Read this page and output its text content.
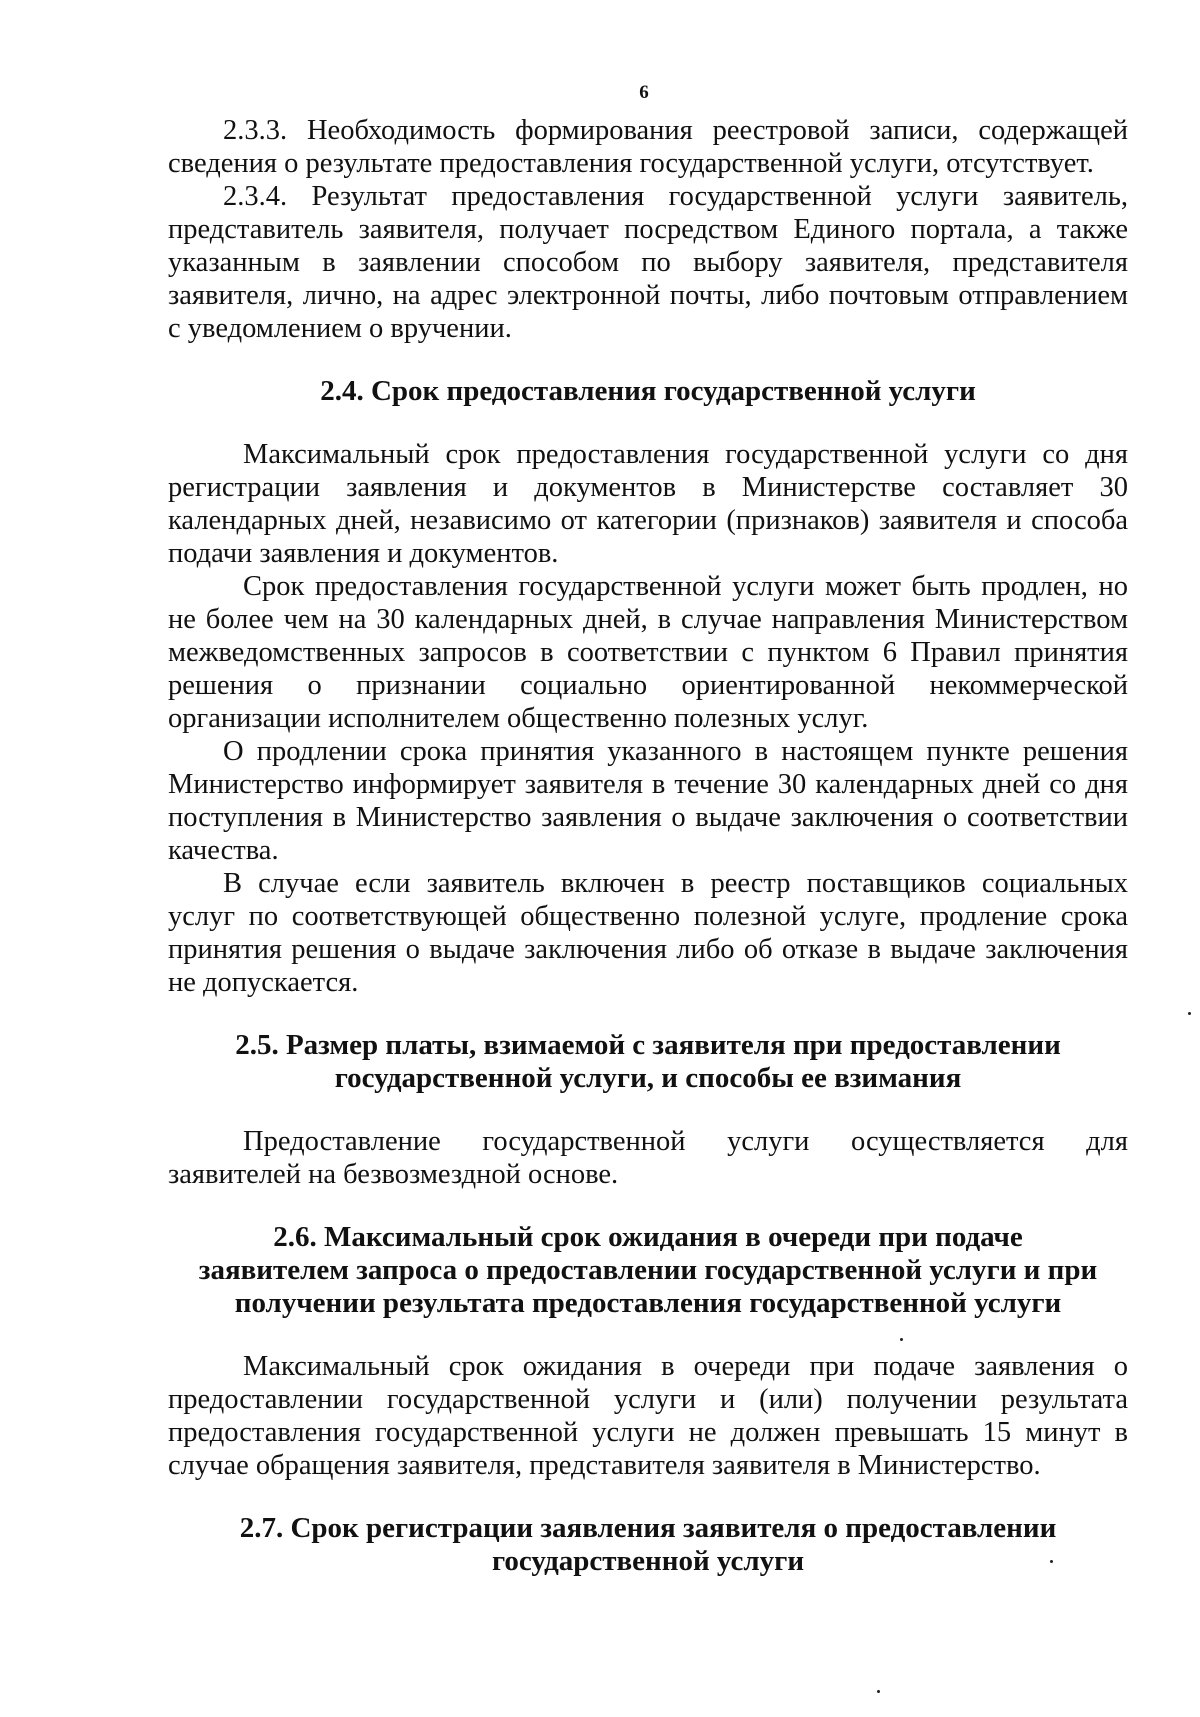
6

2.3.3. Необходимость формирования реестровой записи, содержащей сведения о результате предоставления государственной услуги, отсутствует.

2.3.4. Результат предоставления государственной услуги заявитель, представитель заявителя, получает посредством Единого портала, а также указанным в заявлении способом по выбору заявителя, представителя заявителя, лично, на адрес электронной почты, либо почтовым отправлением с уведомлением о вручении.

2.4. Срок предоставления государственной услуги

Максимальный срок предоставления государственной услуги со дня регистрации заявления и документов в Министерстве составляет 30 календарных дней, независимо от категории (признаков) заявителя и способа подачи заявления и документов.

Срок предоставления государственной услуги может быть продлен, но не более чем на 30 календарных дней, в случае направления Министерством межведомственных запросов в соответствии с пунктом 6 Правил принятия решения о признании социально ориентированной некоммерческой организации исполнителем общественно полезных услуг.

О продлении срока принятия указанного в настоящем пункте решения Министерство информирует заявителя в течение 30 календарных дней со дня поступления в Министерство заявления о выдаче заключения о соответствии качества.

В случае если заявитель включен в реестр поставщиков социальных услуг по соответствующей общественно полезной услуге, продление срока принятия решения о выдаче заключения либо об отказе в выдаче заключения не допускается.

2.5. Размер платы, взимаемой с заявителя при предоставлении
государственной услуги, и способы ее взимания

Предоставление государственной услуги осуществляется для заявителей на безвозмездной основе.

2.6. Максимальный срок ожидания в очереди при подаче
заявителем запроса о предоставлении государственной услуги и при
получении результата предоставления государственной услуги

Максимальный срок ожидания в очереди при подаче заявления о предоставлении государственной услуги и (или) получении результата предоставления государственной услуги не должен превышать 15 минут в случае обращения заявителя, представителя заявителя в Министерство.

2.7. Срок регистрации заявления заявителя о предоставлении
государственной услуги
